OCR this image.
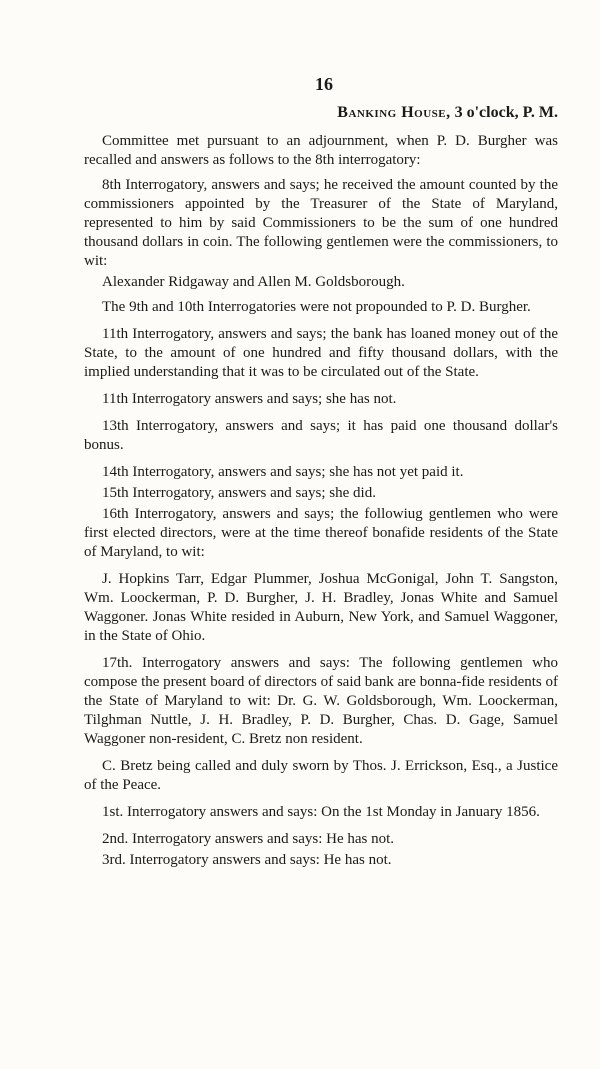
16
Banking House, 3 o'clock, P. M.

Committee met pursuant to an adjournment, when P. D. Burgher was recalled and answers as follows to the 8th interrogatory:

8th Interrogatory, answers and says; he received the amount counted by the commissioners appointed by the Treasurer of the State of Maryland, represented to him by said Commissioners to be the sum of one hundred thousand dollars in coin. The following gentlemen were the commissioners, to wit:

Alexander Ridgaway and Allen M. Goldsborough.

The 9th and 10th Interrogatories were not propounded to P. D. Burgher.

11th Interrogatory, answers and says; the bank has loaned money out of the State, to the amount of one hundred and fifty thousand dollars, with the implied understanding that it was to be circulated out of the State.

11th Interrogatory answers and says; she has not.

13th Interrogatory, answers and says; it has paid one thousand dollar's bonus.

14th Interrogatory, answers and says; she has not yet paid it.

15th Interrogatory, answers and says; she did.

16th Interrogatory, answers and says; the followiug gentlemen who were first elected directors, were at the time thereof bonafide residents of the State of Maryland, to wit:

J. Hopkins Tarr, Edgar Plummer, Joshua McGonigal, John T. Sangston, Wm. Loockerman, P. D. Burgher, J. H. Bradley, Jonas White and Samuel Waggoner. Jonas White resided in Auburn, New York, and Samuel Waggoner, in the State of Ohio.

17th. Interrogatory answers and says: The following gentlemen who compose the present board of directors of said bank are bonna-fide residents of the State of Maryland to wit: Dr. G. W. Goldsborough, Wm. Loockerman, Tilghman Nuttle, J. H. Bradley, P. D. Burgher, Chas. D. Gage, Samuel Waggoner non-resident, C. Bretz non resident.

C. Bretz being called and duly sworn by Thos. J. Errickson, Esq., a Justice of the Peace.

1st. Interrogatory answers and says: On the 1st Monday in January 1856.

2nd. Interrogatory answers and says: He has not.

3rd. Interrogatory answers and says: He has not.
